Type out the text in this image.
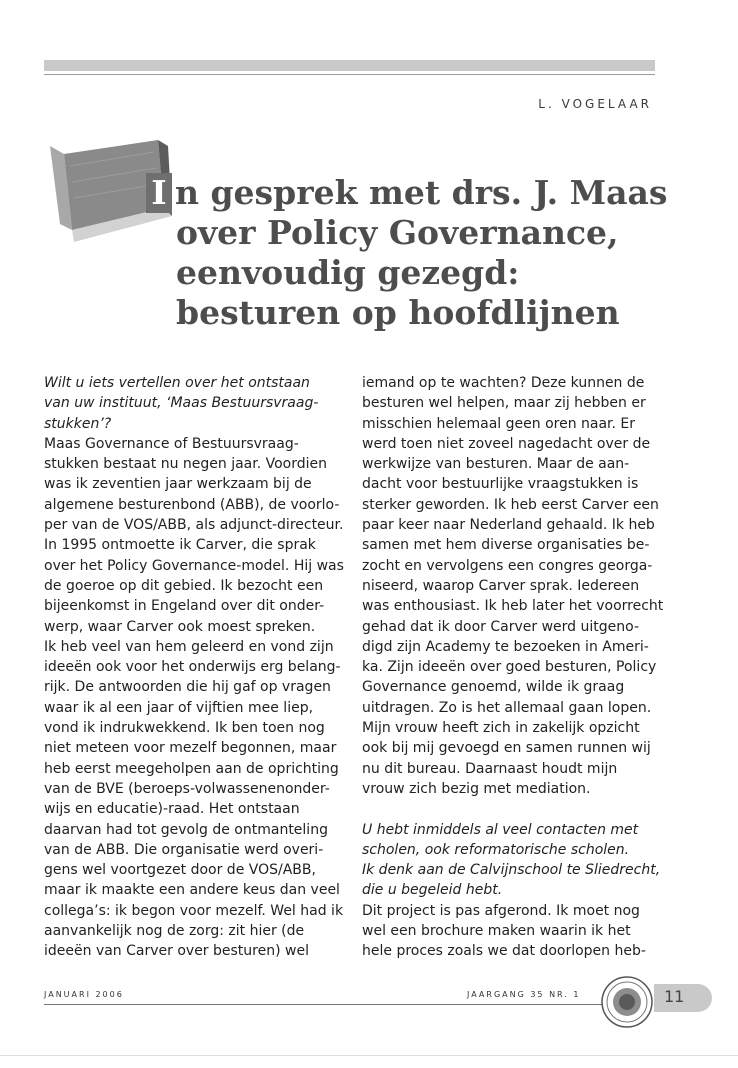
L. VOGELAAR
I n gesprek met drs. J. Maas
over Policy Governance,
eenvoudig gezegd:
besturen op hoofdlijnen
Wilt u iets vertellen over het ontstaan
van uw instituut, ‘Maas Bestuursvraag-
stukken’?
Maas Governance of Bestuursvraag-
stukken bestaat nu negen jaar. Voordien
was ik zeventien jaar werkzaam bij de
algemene besturenbond (ABB), de voorlo-
per van de VOS/ABB, als adjunct-directeur.
In 1995 ontmoette ik Carver, die sprak
over het Policy Governance-model. Hij was
de goeroe op dit gebied. Ik bezocht een
bijeenkomst in Engeland over dit onder-
werp, waar Carver ook moest spreken.
Ik heb veel van hem geleerd en vond zijn
ideeën ook voor het onderwijs erg belang-
rijk. De antwoorden die hij gaf op vragen
waar ik al een jaar of vijftien mee liep,
vond ik indrukwekkend. Ik ben toen nog
niet meteen voor mezelf begonnen, maar
heb eerst meegeholpen aan de oprichting
van de BVE (beroeps-volwassenenonder-
wijs en educatie)-raad. Het ontstaan
daarvan had tot gevolg de ontmanteling
van de ABB. Die organisatie werd overi-
gens wel voortgezet door de VOS/ABB,
maar ik maakte een andere keus dan veel
collega’s: ik begon voor mezelf. Wel had ik
aanvankelijk nog de zorg: zit hier (de
ideeën van Carver over besturen) wel
iemand op te wachten? Deze kunnen de
besturen wel helpen, maar zij hebben er
misschien helemaal geen oren naar. Er
werd toen niet zoveel nagedacht over de
werkwijze van besturen. Maar de aan-
dacht voor bestuurlijke vraagstukken is
sterker geworden. Ik heb eerst Carver een
paar keer naar Nederland gehaald. Ik heb
samen met hem diverse organisaties be-
zocht en vervolgens een congres georga-
niseerd, waarop Carver sprak. Iedereen
was enthousiast. Ik heb later het voorrecht
gehad dat ik door Carver werd uitgeno-
digd zijn Academy te bezoeken in Ameri-
ka. Zijn ideeën over goed besturen, Policy
Governance genoemd, wilde ik graag
uitdragen. Zo is het allemaal gaan lopen.
Mijn vrouw heeft zich in zakelijk opzicht
ook bij mij gevoegd en samen runnen wij
nu dit bureau. Daarnaast houdt mijn
vrouw zich bezig met mediation.
U hebt inmiddels al veel contacten met
scholen, ook reformatorische scholen.
Ik denk aan de Calvijnschool te Sliedrecht,
die u begeleid hebt.
Dit project is pas afgerond. Ik moet nog
wel een brochure maken waarin ik het
hele proces zoals we dat doorlopen heb-
JANUARI 2006	JAARGANG 35 NR. 1	11
